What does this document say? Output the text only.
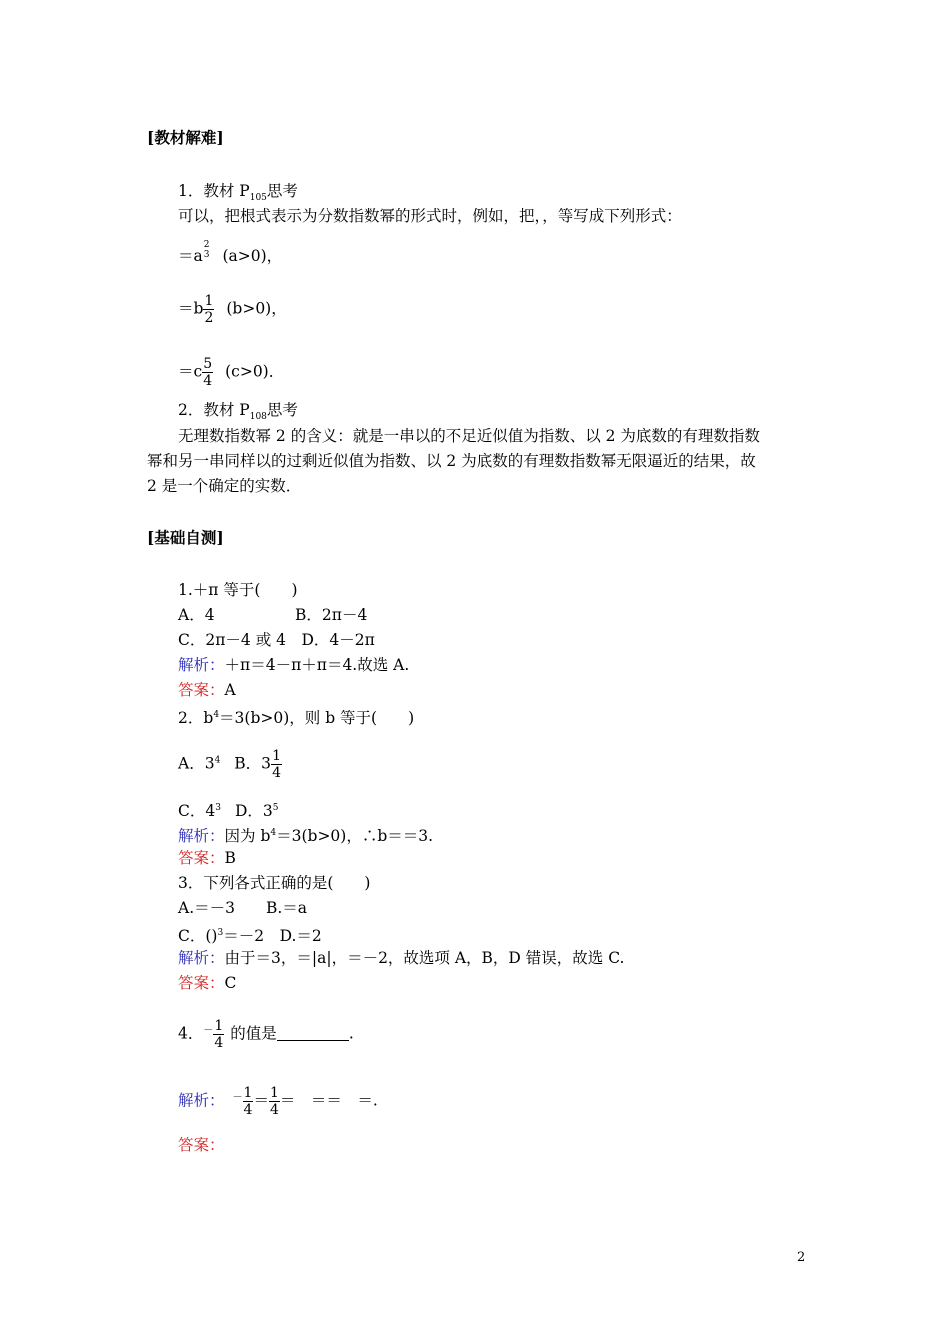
[教材解难]
1．教材 $P_{105}$思考
可以，把根式表示为分数指数幂的形式时，例如，把，，等写成下列形式：
＝a
2
3 (a>0)，
$=b \frac{1}{2} (b>0)$，
$=c \frac{5}{4} (c>0)$．
2．教材 $P_{108}$思考
无理数指数幂 2 的含义：就是一串以的不足近似值为指数、以 2 为底数的有理数指数
幂和另一串同样以的过剩近似值为指数、以 2 为底数的有理数指数幂无限逼近的结果，故
2 是一个确定的实数．
[基础自测]
1.＋π 等于(　　)
A．4	B．2π－4
C．2π－4 或 4　D．4－2π
解析：＋π＝4－π＋π＝4.故选 A.
答案：A
2．$b^4=3(b>0)$，则 b 等于(　　)
A．$3^4$ B．$3 \frac{1}{4}$
C．$4^3$ D．$3^5$
解析：因为 $b^4=3(b>0)$，∴b＝＝3.
答案：B
3．下列各式正确的是(　　)
A.＝－3　　B.＝a
C．()$^3$＝－2　D.＝2
解析：由于＝3，＝|a|，＝－2，故选项 A，B，D 错误，故选 C.
答案：C
4．$^- \frac{1}{4}$ 的值是	.
解析： $^- \frac{1}{4} = \frac{1}{4}$ ＝　＝＝　＝.
答案：
2
